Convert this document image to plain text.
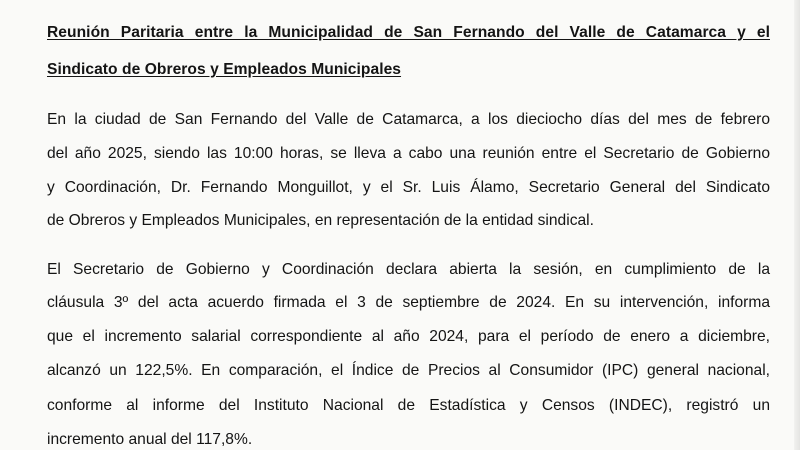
Reunión Paritaria entre la Municipalidad de San Fernando del Valle de Catamarca y el
Sindicato de Obreros y Empleados Municipales
En la ciudad de San Fernando del Valle de Catamarca, a los dieciocho días del mes de febrero
del año 2025, siendo las 10:00 horas, se lleva a cabo una reunión entre el Secretario de Gobierno
y Coordinación, Dr. Fernando Monguillot, y el Sr. Luis Álamo, Secretario General del Sindicato
de Obreros y Empleados Municipales, en representación de la entidad sindical.
El Secretario de Gobierno y Coordinación declara abierta la sesión, en cumplimiento de la
cláusula 3º del acta acuerdo firmada el 3 de septiembre de 2024. En su intervención, informa
que el incremento salarial correspondiente al año 2024, para el período de enero a diciembre,
alcanzó un 122,5%. En comparación, el Índice de Precios al Consumidor (IPC) general nacional,
conforme al informe del Instituto Nacional de Estadística y Censos (INDEC), registró un
incremento anual del 117,8%.
